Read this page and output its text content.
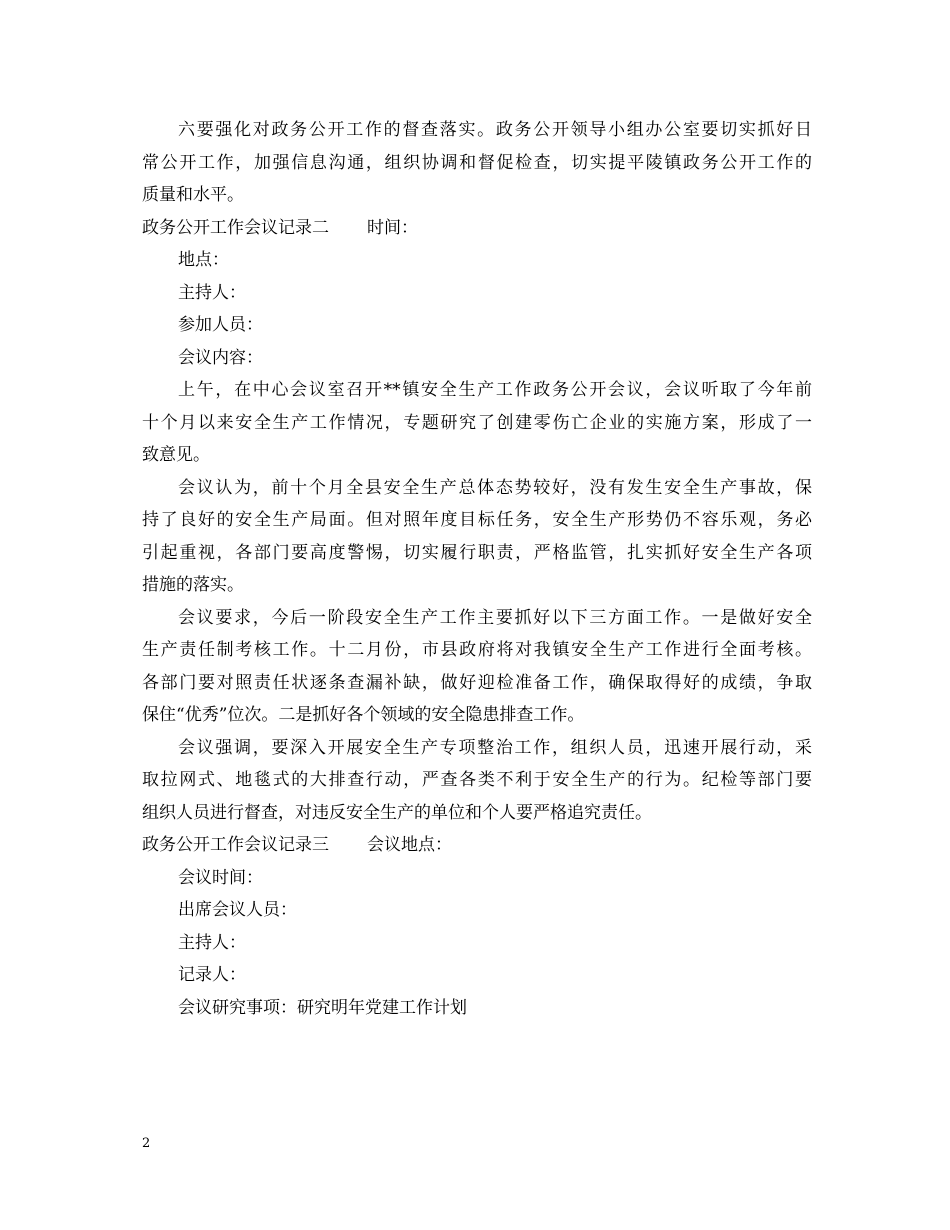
六要强化对政务公开工作的督查落实。政务公开领导小组办公室要切实抓好日
常公开工作，加强信息沟通，组织协调和督促检查，切实提平陵镇政务公开工作的
质量和水平。
政务公开工作会议记录二 时间：
地点：
主持人：
参加人员：
会议内容：
上午，在中心会议室召开**镇安全生产工作政务公开会议，会议听取了今年前
十个月以来安全生产工作情况，专题研究了创建零伤亡企业的实施方案，形成了一
致意见。
会议认为，前十个月全县安全生产总体态势较好，没有发生安全生产事故，保
持了良好的安全生产局面。但对照年度目标任务，安全生产形势仍不容乐观，务必
引起重视，各部门要高度警惕，切实履行职责，严格监管，扎实抓好安全生产各项
措施的落实。
会议要求，今后一阶段安全生产工作主要抓好以下三方面工作。一是做好安全
生产责任制考核工作。十二月份，市县政府将对我镇安全生产工作进行全面考核。
各部门要对照责任状逐条查漏补缺，做好迎检准备工作，确保取得好的成绩，争取
保住“优秀”位次。二是抓好各个领域的安全隐患排查工作。
会议强调，要深入开展安全生产专项整治工作，组织人员，迅速开展行动，采
取拉网式、地毯式的大排查行动，严查各类不利于安全生产的行为。纪检等部门要
组织人员进行督查，对违反安全生产的单位和个人要严格追究责任。
政务公开工作会议记录三 会议地点：
会议时间：
出席会议人员：
主持人：
记录人：
会议研究事项：研究明年党建工作计划
2
